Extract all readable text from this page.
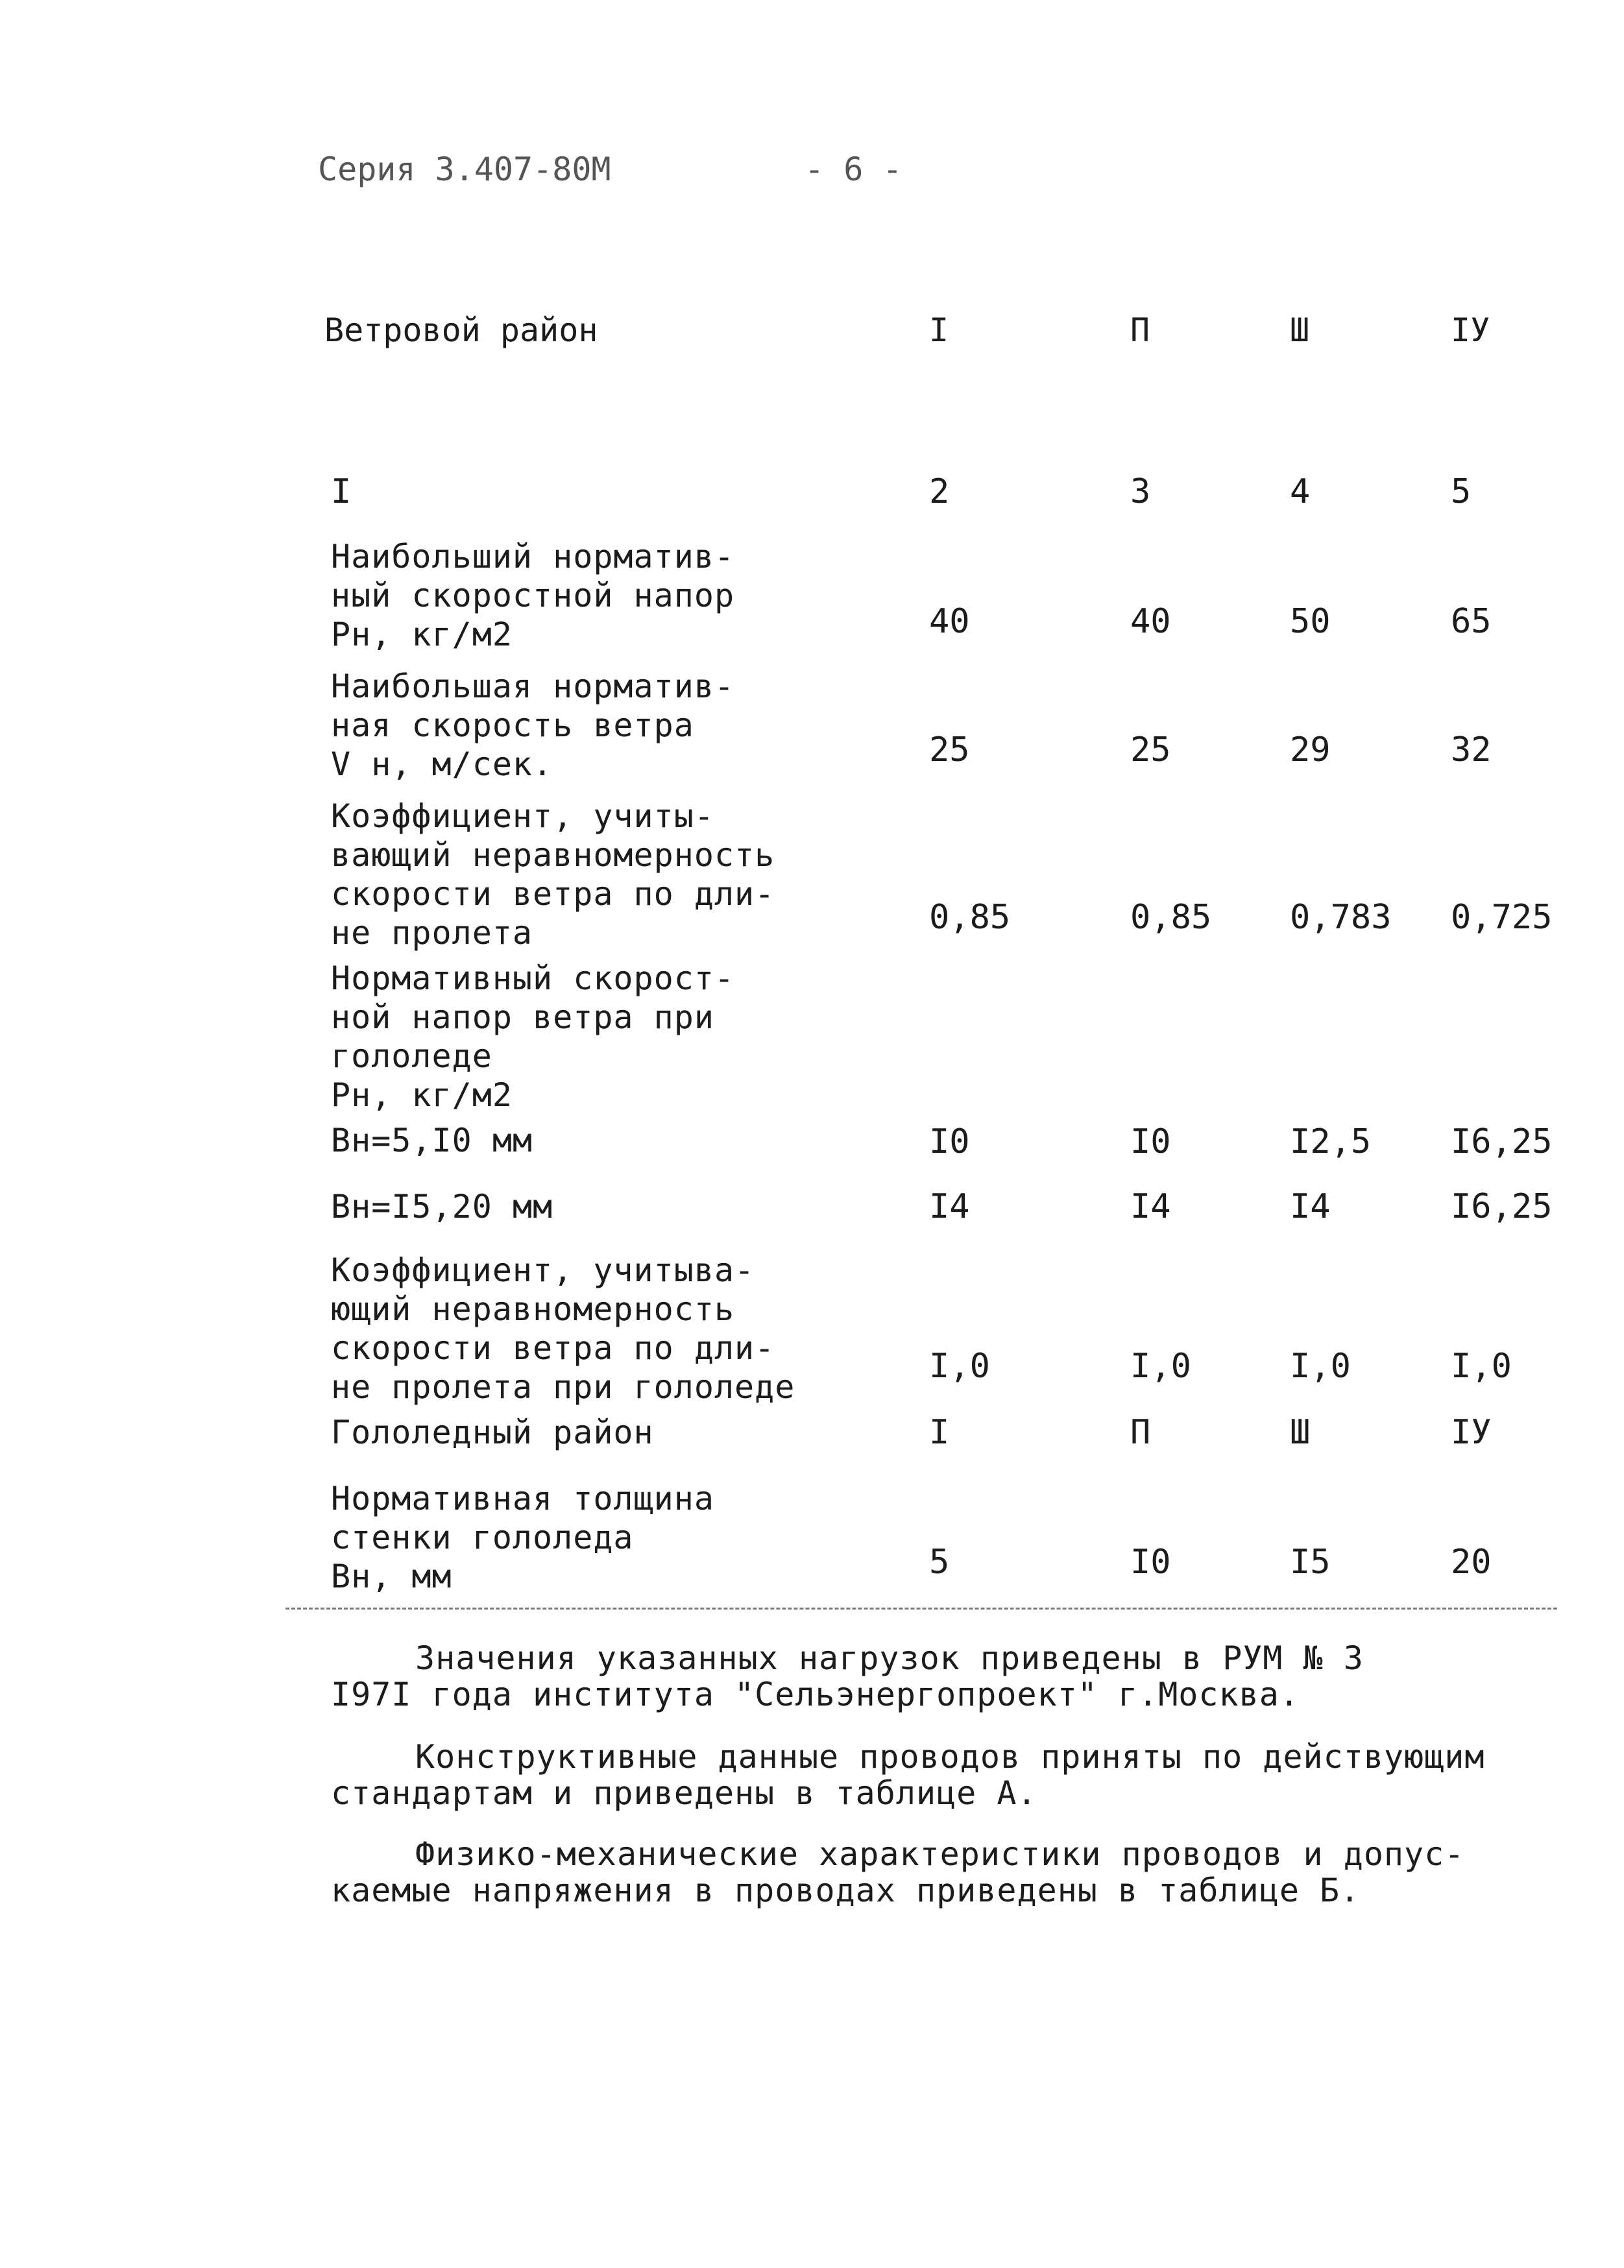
Серия 3.407-80М	- 6 -
Ветровой район	I	П	Ш	IУ
I	2	3	4	5
Наибольший норматив-
ный скоростной напор
Рн, кг/м2	40	40	50	65
Наибольшая норматив-
ная скорость ветра
V н, м/сек.	25	25	29	32
Коэффициент, учиты-
вающий неравномерность
скорости ветра по дли-
не пролета	0,85	0,85 0,783 0,725
Нормативный скорост-
ной напор ветра при
гололеде
Рн, кг/м2
Вн=5,I0 мм	I0	I0	I2,5 I6,25
Вн=I5,20 мм	I4	I4	I4	I6,25
Коэффициент, учитыва-
ющий неравномерность
скорости ветра по дли-
не пролета при гололеде
I,0	I,0	I,0	I,0
Гололедный район	I	П	Ш	IУ
Нормативная толщина
стенки гололеда
Вн, мм	5	I0	I5	20
Значения указанных нагрузок приведены в РУМ № 3
I97I года института "Сельэнергопроект" г.Москва.
Конструктивные данные проводов приняты по действующим
стандартам и приведены в таблице А.
Физико-механические характеристики проводов и допус-
каемые напряжения в проводах приведены в таблице Б.
